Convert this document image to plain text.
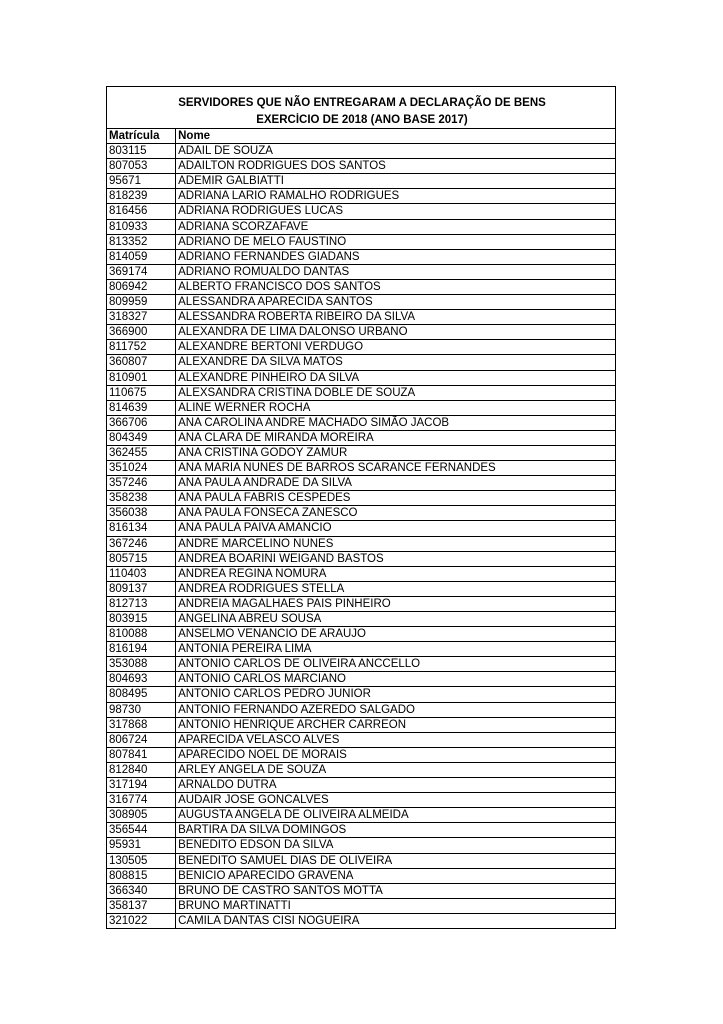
SERVIDORES QUE NÃO ENTREGARAM A DECLARAÇÃO DE BENS	
EXERCÍCIO DE 2018 (ANO BASE 2017)	
Matrícula	Nome
803115	ADAIL DE SOUZA
807053	ADAILTON RODRIGUES DOS SANTOS
95671	ADEMIR GALBIATTI
818239	ADRIANA LARIO RAMALHO RODRIGUES
816456	ADRIANA RODRIGUES LUCAS
810933	ADRIANA SCORZAFAVE
813352	ADRIANO DE MELO FAUSTINO
814059	ADRIANO FERNANDES GIADANS
369174	ADRIANO ROMUALDO DANTAS
806942	ALBERTO FRANCISCO DOS SANTOS
809959	ALESSANDRA APARECIDA SANTOS
318327	ALESSANDRA ROBERTA RIBEIRO DA SILVA
366900	ALEXANDRA DE LIMA DALONSO URBANO
811752	ALEXANDRE BERTONI VERDUGO
360807	ALEXANDRE DA SILVA MATOS
810901	ALEXANDRE PINHEIRO DA SILVA
110675	ALEXSANDRA CRISTINA DOBLE DE SOUZA
814639	ALINE WERNER ROCHA
366706	ANA CAROLINA ANDRE MACHADO SIMÃO JACOB
804349	ANA CLARA DE MIRANDA MOREIRA
362455	ANA CRISTINA GODOY ZAMUR
351024	ANA MARIA NUNES DE BARROS SCARANCE FERNANDES
357246	ANA PAULA ANDRADE DA SILVA
358238	ANA PAULA FABRIS CESPEDES
356038	ANA PAULA FONSECA ZANESCO
816134	ANA PAULA PAIVA AMANCIO
367246	ANDRE MARCELINO NUNES
805715	ANDREA BOARINI WEIGAND BASTOS
110403	ANDREA REGINA NOMURA
809137	ANDREA RODRIGUES STELLA
812713	ANDREIA MAGALHAES PAIS PINHEIRO
803915	ANGELINA ABREU SOUSA
810088	ANSELMO VENANCIO DE ARAUJO
816194	ANTONIA PEREIRA LIMA
353088	ANTONIO CARLOS DE OLIVEIRA ANCCELLO
804693	ANTONIO CARLOS MARCIANO
808495	ANTONIO CARLOS PEDRO JUNIOR
98730	ANTONIO FERNANDO AZEREDO SALGADO
317868	ANTONIO HENRIQUE ARCHER CARREON
806724	APARECIDA VELASCO ALVES
807841	APARECIDO NOEL DE MORAIS
812840	ARLEY ANGELA DE SOUZA
317194	ARNALDO DUTRA
316774	AUDAIR JOSE GONCALVES
308905	AUGUSTA ANGELA DE OLIVEIRA ALMEIDA
356544	BARTIRA DA SILVA DOMINGOS
95931	BENEDITO EDSON DA SILVA
130505	BENEDITO SAMUEL DIAS DE OLIVEIRA
808815	BENICIO APARECIDO GRAVENA
366340	BRUNO DE CASTRO SANTOS MOTTA
358137	BRUNO MARTINATTI
321022	CAMILA DANTAS CISI NOGUEIRA
